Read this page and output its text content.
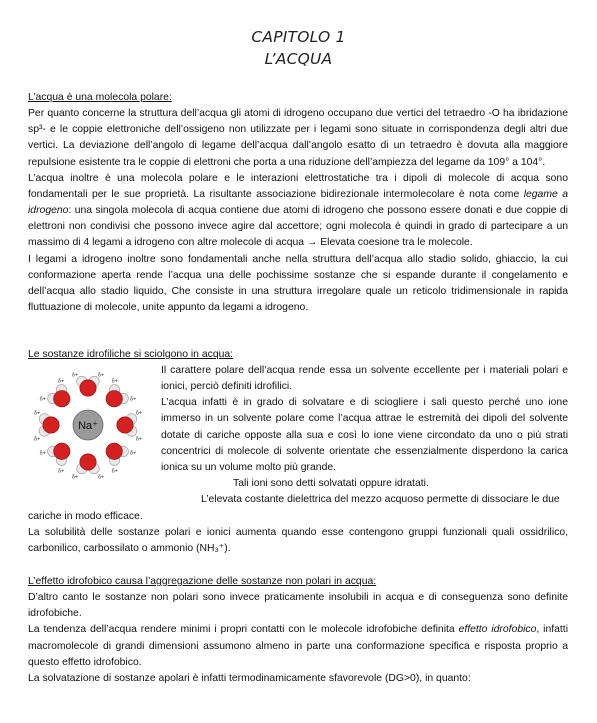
CAPITOLO 1
L’ACQUA
L’acqua è una molecola polare:

Per quanto concerne la struttura dell’acqua gli atomi di idrogeno occupano due vertici del tetraedro -O ha ibridazione sp³- e le coppie elettroniche dell’ossigeno non utilizzate per i legami sono situate in corrispondenza degli altri due vertici. La deviazione dell’angolo di legame dell’acqua dall’angolo esatto di un tetraedro è dovuta alla maggiore repulsione esistente tra le coppie di elettroni che porta a una riduzione dell’ampiezza del legame da 109° a 104°.

L’acqua inoltre è una molecola polare e le interazioni elettrostatiche tra i dipoli di molecole di acqua sono fondamentali per le sue proprietà. La risultante associazione bidirezionale intermolecolare è nota come legame a idrogeno: una singola molecola di acqua contiene due atomi di idrogeno che possono essere donati e due coppie di elettroni non condivisi che possono invece agire dal accettore; ogni molecola è quindi in grado di partecipare a un massimo di 4 legami a idrogeno con altre molecole di acqua → Elevata coesione tra le molecole.

I legami a idrogeno inoltre sono fondamentali anche nella struttura dell’acqua allo stadio solido, ghiaccio, la cui conformazione aperta rende l’acqua una delle pochissime sostanze che si espande durante il congelamento e dell’acqua allo stadio liquido, Che consiste in una struttura irregolare quale un reticolo tridimensionale in rapida fluttuazione di molecole, unite appunto da legami a idrogeno.

Le sostanze idrofiliche si sciolgono in acqua:
Na⁺
δ+	δ+
δ+
δ+
δ+
δ+
δ+
δ+
δ+
δ+
δ+
δ+
δ+
δ+
δ+
δ+

Il carattere polare dell’acqua rende essa un solvente eccellente per i materiali polari e ionici, perciò definiti idrofilici.

L’acqua infatti è in grado di solvatare e di sciogliere i sali questo perché uno ione immerso in un solvente polare come l’acqua attrae le estremità dei dipoli del solvente dotate di cariche opposte alla sua e così lo ione viene circondato da uno o più strati concentrici di molecole di solvente orientate che essenzialmente disperdono la carica ionica su un volume molto più grande.

Tali ioni sono detti solvatati oppure idratati.

L’elevata costante dielettrica del mezzo acquoso permette di dissociare le due

cariche in modo efficace.

La solubilità delle sostanze polari e ionici aumenta quando esse contengono gruppi funzionali quali ossidrilico, carbonilico, carbossilato o ammonio (NH₃⁺).

L’effetto idrofobico causa l’aggregazione delle sostanze non polari in acqua:

D’altro canto le sostanze non polari sono invece praticamente insolubili in acqua e di conseguenza sono definite idrofobiche.

La tendenza dell’acqua rendere minimi i propri contatti con le molecole idrofobiche definita effetto idrofobico, infatti macromolecole di grandi dimensioni assumono almeno in parte una conformazione specifica e risposta proprio a questo effetto idrofobico.

La solvatazione di sostanze apolari è infatti termodinamicamente sfavorevole (DG>0), in quanto:
